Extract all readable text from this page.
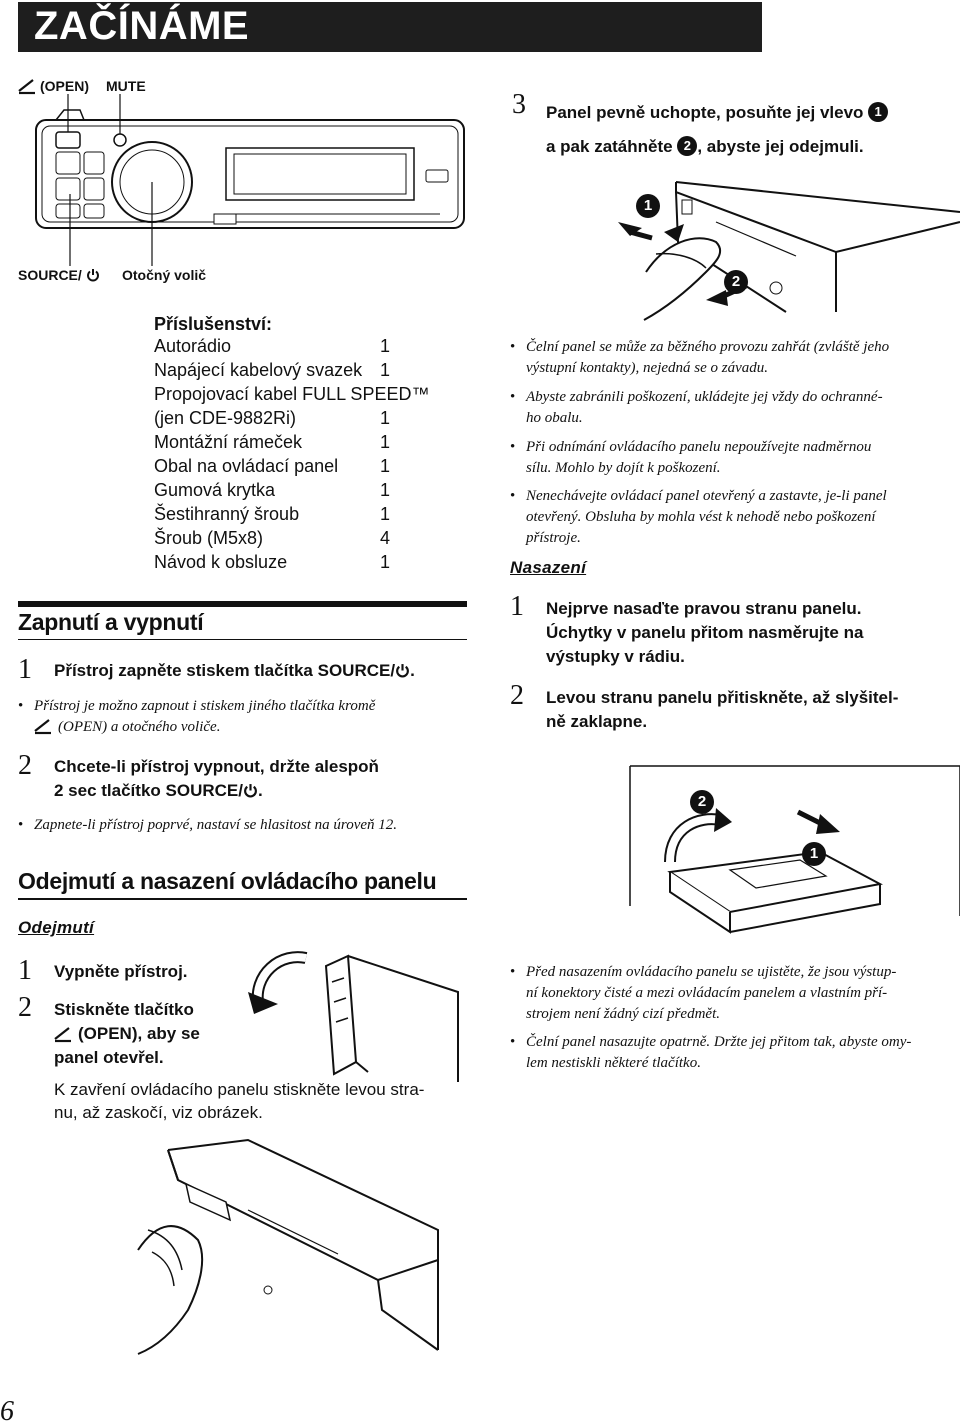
ZAČÍNÁME
(OPEN) MUTE
SOURCE/	Otočný volič
Příslušenství:
Autorádio	1
Napájecí kabelový svazek 1
Propojovací kabel FULL SPEED™
(jen CDE-9882Ri)	1
Montážní rámeček	1
Obal na ovládací panel 1
Gumová krytka	1
Šestihranný šroub	1
Šroub (M5x8)	4
Návod k obsluze	1
Zapnutí a vypnutí
1 Přístroj zapněte stiskem tlačítka SOURCE/ .
• Přístroj je možno zapnout i stiskem jiného tlačítka kromě
(OPEN) a otočného voliče.
2 Chcete-li přístroj vypnout, držte alespoň
2 sec tlačítko SOURCE/ .
• Zapnete-li přístroj poprvé, nastaví se hlasitost na úroveň 12.
Odejmutí a nasazení ovládacího panelu
Odejmutí
1 Vypněte přístroj.
2 Stiskněte tlačítko
(OPEN), aby se
panel otevřel.
K zavření ovládacího panelu stiskněte levou stra-
nu, až zaskočí, viz obrázek.
3 Panel pevně uchopte, posuňte jej vlevo 1
a pak zatáhněte 2 , abyste jej odejmuli.
1
2
• Čelní panel se může za běžného provozu zahřát (zvláště jeho
výstupní kontakty), nejedná se o závadu.
• Abyste zabránili poškození, ukládejte jej vždy do ochranné-
ho obalu.
• Při odnímání ovládacího panelu nepoužívejte nadměrnou
sílu. Mohlo by dojít k poškození.
• Nenechávejte ovládací panel otevřený a zastavte, je-li panel
otevřený. Obsluha by mohla vést k nehodě nebo poškození
přístroje.
Nasazení
1 Nejprve nasaďte pravou stranu panelu.
Úchytky v panelu přitom nasměrujte na
výstupky v rádiu.
2 Levou stranu panelu přitiskněte, až slyšitel-
ně zaklapne.
2
1
• Před nasazením ovládacího panelu se ujistěte, že jsou výstup-
ní konektory čisté a mezi ovládacím panelem a vlastním pří-
strojem není žádný cizí předmět.
• Čelní panel nasazujte opatrně. Držte jej přitom tak, abyste omy-
lem nestiskli některé tlačítko.
6
